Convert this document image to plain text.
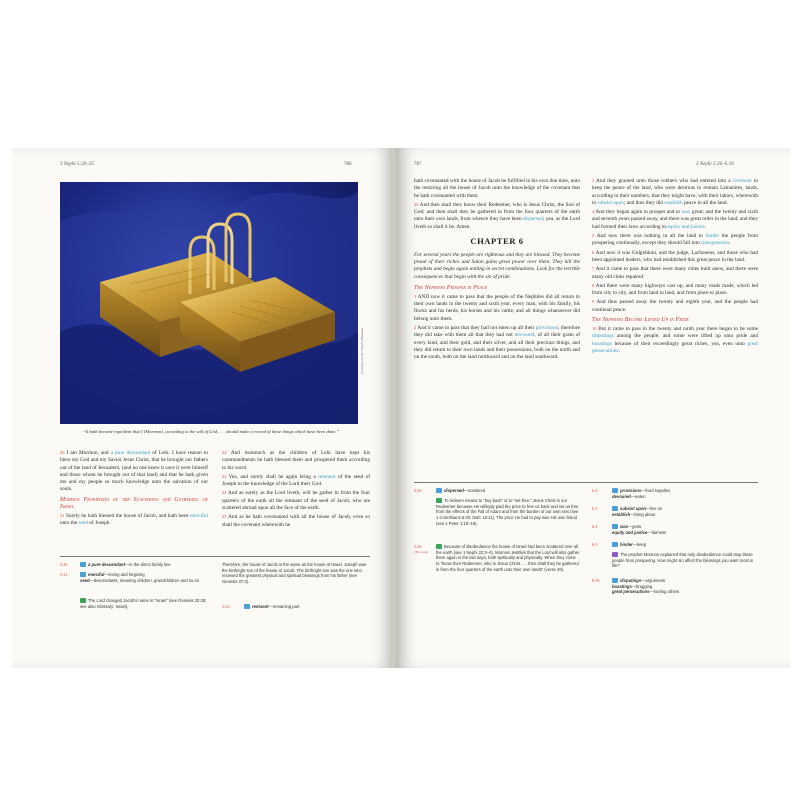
3 Nephi 5:20–25	786
Courtesy of the Church Museum
“It hath become expedient that I [Mormon], according to the will of God, . . . should make a record of these things which have been done.”

20 I am Mormon, and a pure descendant of Lehi. I have reason to bless my God and my Savior Jesus Christ, that he brought our fathers out of the land of Jerusalem, (and no one knew it save it were himself and those whom he brought out of that land) and that he hath given me and my people so much knowledge unto the salvation of our souls.

Mormon Prophesies of the Scattering and Gathering of Israel

21 Surely he hath blessed the house of Jacob, and hath been merciful unto the seed of Joseph.

22 And insomuch as the children of Lehi have kept his commandments he hath blessed them and prospered them according to his word.

23 Yea, and surely shall he again bring a remnant of the seed of Joseph to the knowledge of the Lord their God.

24 And as surely as the Lord liveth, will he gather in from the four quarters of the earth all the remnant of the seed of Jacob, who are scattered abroad upon all the face of the earth.

25 And as he hath covenanted with all the house of Jacob, even so shall the covenant wherewith he

5:20	a pure descendant—in the direct family line
5:21	merciful—loving and forgiving
seed—descendants, meaning children, grandchildren and so on
The Lord changed Jacob's name to “Israel” (see Genesis 32:28; see also Glossary: Israel).
Therefore, the house of Jacob is the same as the house of Israel. Joseph was the birthright son of the house of Jacob. The birthright son was the one who received the greatest physical and spiritual blessings from his father (see Genesis 37:3).
5:23	remnant—remaining part
787	3 Nephi 5:26–6:10

hath covenanted with the house of Jacob be fulfilled in his own due time, unto the restoring all the house of Jacob unto the knowledge of the covenant that he hath covenanted with them.

26 And then shall they know their Redeemer, who is Jesus Christ, the Son of God; and then shall they be gathered in from the four quarters of the earth unto their own lands, from whence they have been dispersed; yea, as the Lord liveth so shall it be. Amen.

CHAPTER 6
For several years the people are righteous and they are blessed. They become proud of their riches and Satan gains great power over them. They kill the prophets and begin again uniting in secret combinations. Look for the terrible consequences that begin with the sin of pride.
The Nephites Prosper in Peace

1 AND now it came to pass that the people of the Nephites did all return to their own lands in the twenty and sixth year, every man, with his family, his flocks and his herds, his horses and his cattle, and all things whatsoever did belong unto them.

2 And it came to pass that they had not eaten up all their provisions; therefore they did take with them all that they had not devoured, of all their grain of every kind, and their gold, and their silver, and all their precious things, and they did return to their own lands and their possessions, both on the north and on the south, both on the land northward and on the land southward.

3 And they granted unto those robbers who had entered into a covenant to keep the peace of the land, who were desirous to remain Lamanites, lands, according to their numbers, that they might have, with their labors, wherewith to subsist upon; and thus they did establish peace in all the land.

4 And they began again to prosper and to wax great; and the twenty and sixth and seventh years passed away, and there was great order in the land; and they had formed their laws according to equity and justice.

5 And now there was nothing in all the land to hinder the people from prospering continually, except they should fall into transgression.

6 And now it was Gidgiddoni, and the judge, Lachoneus, and those who had been appointed leaders, who had established this great peace in the land.

7 And it came to pass that there were many cities built anew, and there were many old cities repaired.

8 And there were many highways cast up, and many roads made, which led from city to city, and from land to land, and from place to place.

9 And thus passed away the twenty and eighth year, and the people had continual peace.

The Nephites Become Lifted Up in Pride

10 But it came to pass in the twenty and ninth year there began to be some disputings among the people; and some were lifted up unto pride and boastings because of their exceedingly great riches, yea, even unto great persecutions.

5:26	dispersed—scattered
To redeem means to “buy back” or to “set free.” Jesus Christ is our Redeemer because He willingly paid the price to free us back and set us free from the effects of the Fall of Adam and from the burden of our own sins (see 1 Corinthians 6:20; D&C 18:11). The price He had to pay was His own blood (see 1 Peter 1:18–19).
5:26
(TG cont)
Because of disobedience the house of Israel had been scattered over all the earth (see 1 Nephi 22:3–4). Mormon testifies that the Lord will also gather them again in the last days, both spiritually and physically. When they come to “know their Redeemer, who is Jesus Christ . . . then shall they be gathered in from the four quarters of the earth unto their own lands” (verse 26).
6:2	provisions—food supplies
devoured—eaten
6:3	subsist upon—live on
establish—bring about
6:4	wax—grow
equity and justice—fairness
6:5	hinder—keep
The prophet Mormon explained that only disobedience could stop these people from prospering. How might sin affect the blessings you want most in life?
6:10	disputings—arguments
boastings—bragging
great persecutions—hurting others
